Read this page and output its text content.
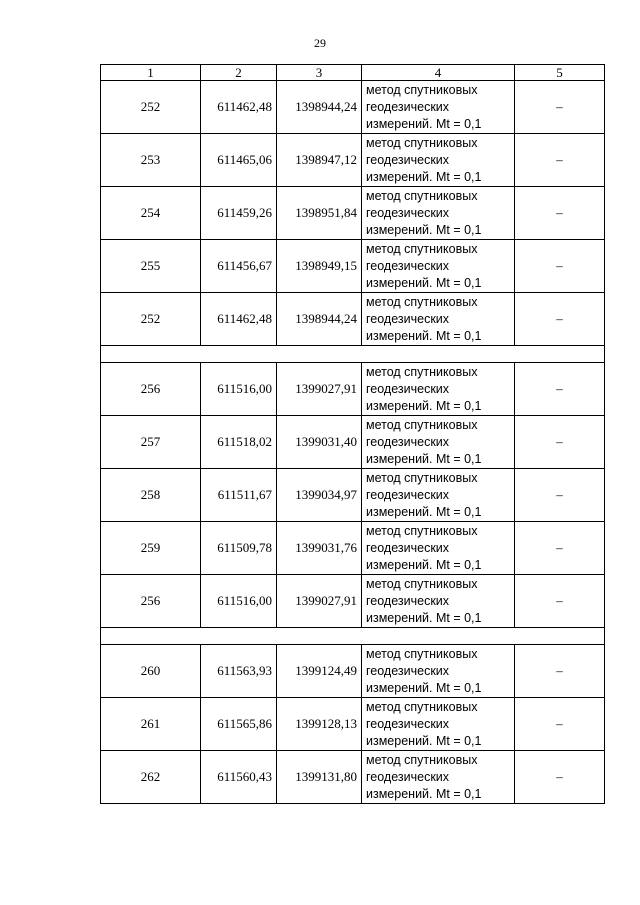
29
1	2	3	4	5
252	611462,48	1398944,24	метод спутниковых
геодезических
измерений. Mt = 0,1	–
253	611465,06	1398947,12	метод спутниковых
геодезических
измерений. Mt = 0,1	–
254	611459,26	1398951,84	метод спутниковых
геодезических
измерений. Mt = 0,1	–
255	611456,67	1398949,15	метод спутниковых
геодезических
измерений. Mt = 0,1	–
252	611462,48	1398944,24	метод спутниковых
геодезических
измерений. Mt = 0,1	–

256	611516,00	1399027,91	метод спутниковых
геодезических
измерений. Mt = 0,1	–
257	611518,02	1399031,40	метод спутниковых
геодезических
измерений. Mt = 0,1	–
258	611511,67	1399034,97	метод спутниковых
геодезических
измерений. Mt = 0,1	–
259	611509,78	1399031,76	метод спутниковых
геодезических
измерений. Mt = 0,1	–
256	611516,00	1399027,91	метод спутниковых
геодезических
измерений. Mt = 0,1	–

260	611563,93	1399124,49	метод спутниковых
геодезических
измерений. Mt = 0,1	–
261	611565,86	1399128,13	метод спутниковых
геодезических
измерений. Mt = 0,1	–
262	611560,43	1399131,80	метод спутниковых
геодезических
измерений. Mt = 0,1	–
